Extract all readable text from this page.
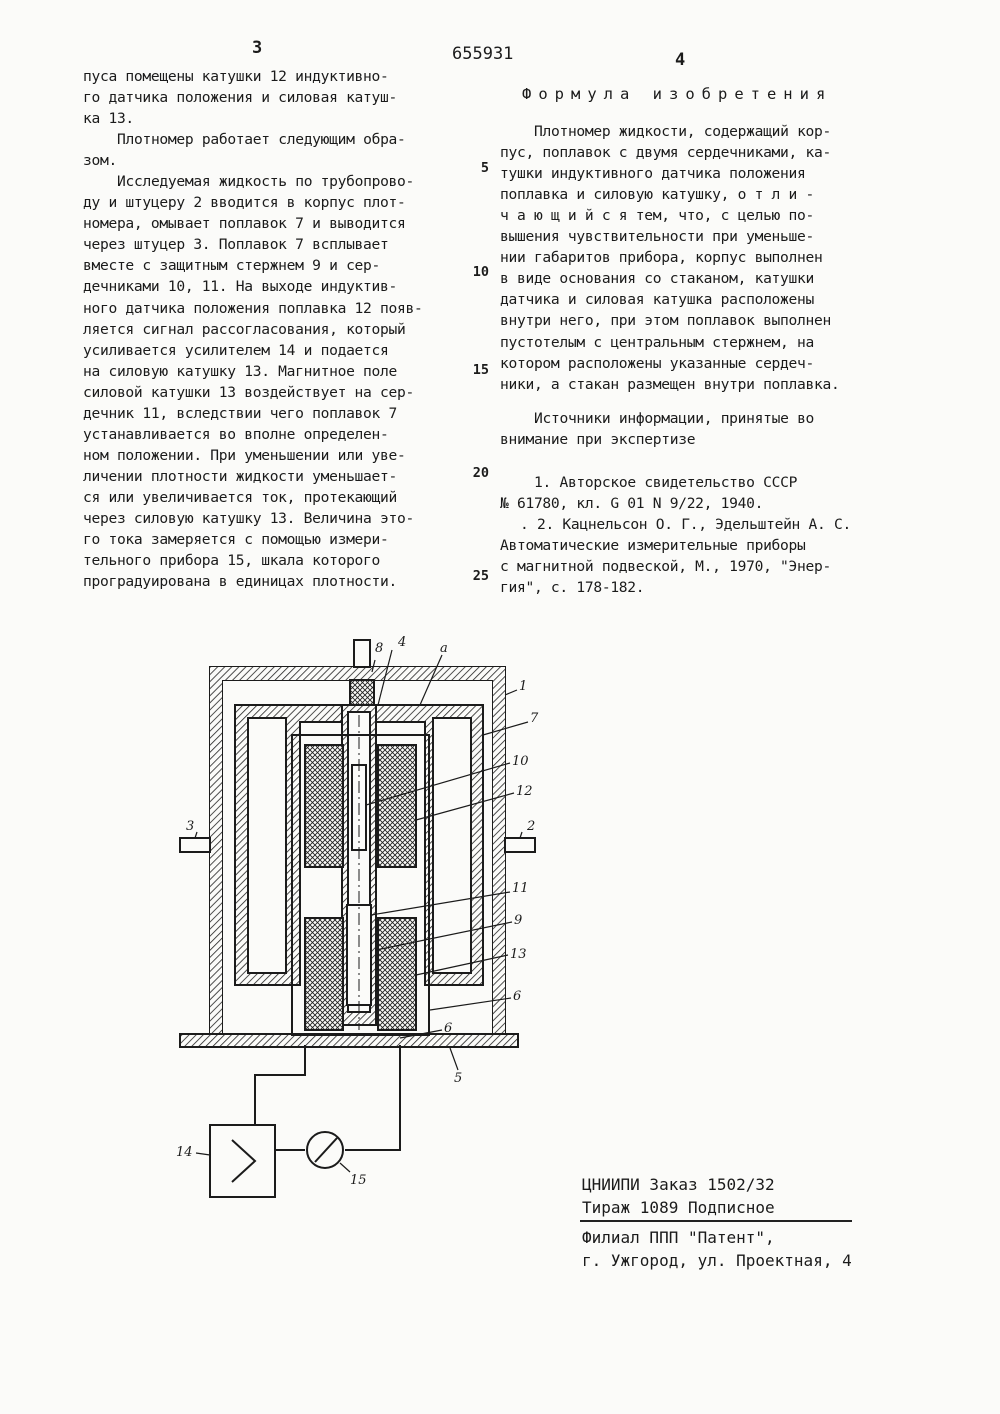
3	655931	4

пуса помещены катушки 12 индуктивно-

го датчика положения и силовая катуш-

ка 13.

Плотномер работает следующим обра-

зом.

Исследуемая жидкость по трубопрово-

ду и штуцеру 2 вводится в корпус плот-

номера, омывает поплавок 7 и выводится

через штуцер 3. Поплавок 7 всплывает

вместе с защитным стержнем 9 и сер-

дечниками 10, 11. На выходе индуктив-

ного датчика положения поплавка 12 появ-

ляется сигнал рассогласования, который

усиливается усилителем 14 и подается

на силовую катушку 13. Магнитное поле

силовой катушки 13 воздействует на сер-

дечник 11, вследствии чего поплавок 7

устанавливается во вполне определен-

ном положении. При уменьшении или уве-

личении плотности жидкости уменьшает-

ся или увеличивается ток, протекающий

через силовую катушку 13. Величина это-

го тока замеряется с помощью измери-

тельного прибора 15, шкала которого

проградуирована в единицах плотности.

5
10
15
20
25

Формула изобретения

Плотномер жидкости, содержащий кор-

пус, поплавок с двумя сердечниками, ка-

тушки индуктивного датчика положения

поплавка и силовую катушку, о т л и -

ч а ю щ и й с я тем, что, с целью по-

вышения чувствительности при уменьше-

нии габаритов прибора, корпус выполнен

в виде основания со стаканом, катушки

датчика и силовая катушка расположены

внутри него, при этом поплавок выполнен

пустотелым с центральным стержнем, на

котором расположены указанные сердеч-

ники, а стакан размещен внутри поплавка.

Источники информации, принятые во

внимание при экспертизе

1. Авторское свидетельство СССР

№ 61780, кл. G 01 N 9/22, 1940.

. 2. Кацнельсон О. Г., Эдельштейн А. С.

Автоматические измерительные приборы

с магнитной подвеской, М., 1970, "Энер-

гия", с. 178-182.

4
8	a
1
7
10
12
2
3
11
9
13
6
6
5
14
15	ЦНИИПИ Заказ 1502/32
Тираж 1089 Подписное
Филиал ППП "Патент",
г. Ужгород, ул. Проектная, 4
